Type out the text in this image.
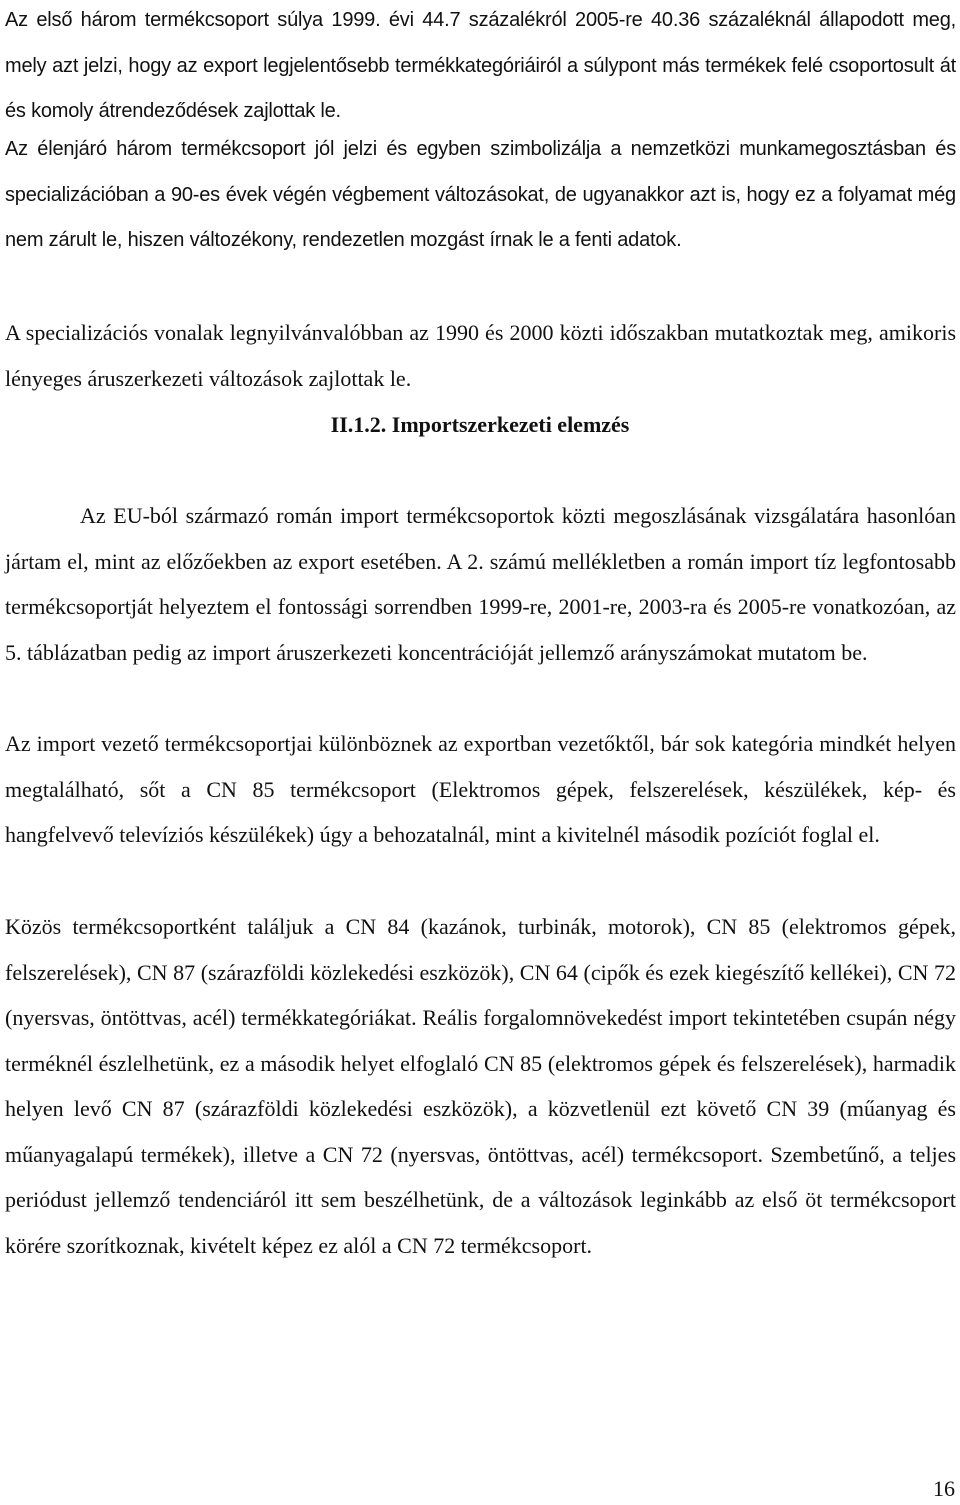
Az első három termékcsoport súlya 1999. évi 44.7 százalékról 2005-re 40.36 százaléknál állapodott meg, mely azt jelzi, hogy az export legjelentősebb termékkategóriáiról a súlypont más termékek felé csoportosult át és komoly átrendeződések zajlottak le.

Az élenjáró három termékcsoport jól jelzi és egyben szimbolizálja a nemzetközi munkamegosztásban és specializációban a 90-es évek végén végbement változásokat, de ugyanakkor azt is, hogy ez a folyamat még nem zárult le, hiszen változékony, rendezetlen mozgást írnak le a fenti adatok.

A specializációs vonalak legnyilvánvalóbban az 1990 és 2000 közti időszakban mutatkoztak meg, amikoris lényeges áruszerkezeti változások zajlottak le.

II.1.2. Importszerkezeti elemzés

Az EU-ból származó román import termékcsoportok közti megoszlásának vizsgálatára hasonlóan jártam el, mint az előzőekben az export esetében. A 2. számú mellékletben a román import tíz legfontosabb termékcsoportját helyeztem el fontossági sorrendben 1999-re, 2001-re, 2003-ra és 2005-re vonatkozóan, az 5. táblázatban pedig az import áruszerkezeti koncentrációját jellemző arányszámokat mutatom be.

Az import vezető termékcsoportjai különböznek az exportban vezetőktől, bár sok kategória mindkét helyen megtalálható, sőt a CN 85 termékcsoport (Elektromos gépek, felszerelések, készülékek, kép- és hangfelvevő televíziós készülékek) úgy a behozatalnál, mint a kivitelnél második pozíciót foglal el.

Közös termékcsoportként találjuk a CN 84 (kazánok, turbinák, motorok), CN 85 (elektromos gépek, felszerelések), CN 87 (szárazföldi közlekedési eszközök), CN 64 (cipők és ezek kiegészítő kellékei), CN 72 (nyersvas, öntöttvas, acél) termékkategóriákat. Reális forgalomnövekedést import tekintetében csupán négy terméknél észlelhetünk, ez a második helyet elfoglaló CN 85 (elektromos gépek és felszerelések), harmadik helyen levő CN 87 (szárazföldi közlekedési eszközök), a közvetlenül ezt követő CN 39 (műanyag és műanyagalapú termékek), illetve a CN 72 (nyersvas, öntöttvas, acél) termékcsoport. Szembetűnő, a teljes periódust jellemző tendenciáról itt sem beszélhetünk, de a változások leginkább az első öt termékcsoport körére szorítkoznak, kivételt képez ez alól a CN 72 termékcsoport.

16
